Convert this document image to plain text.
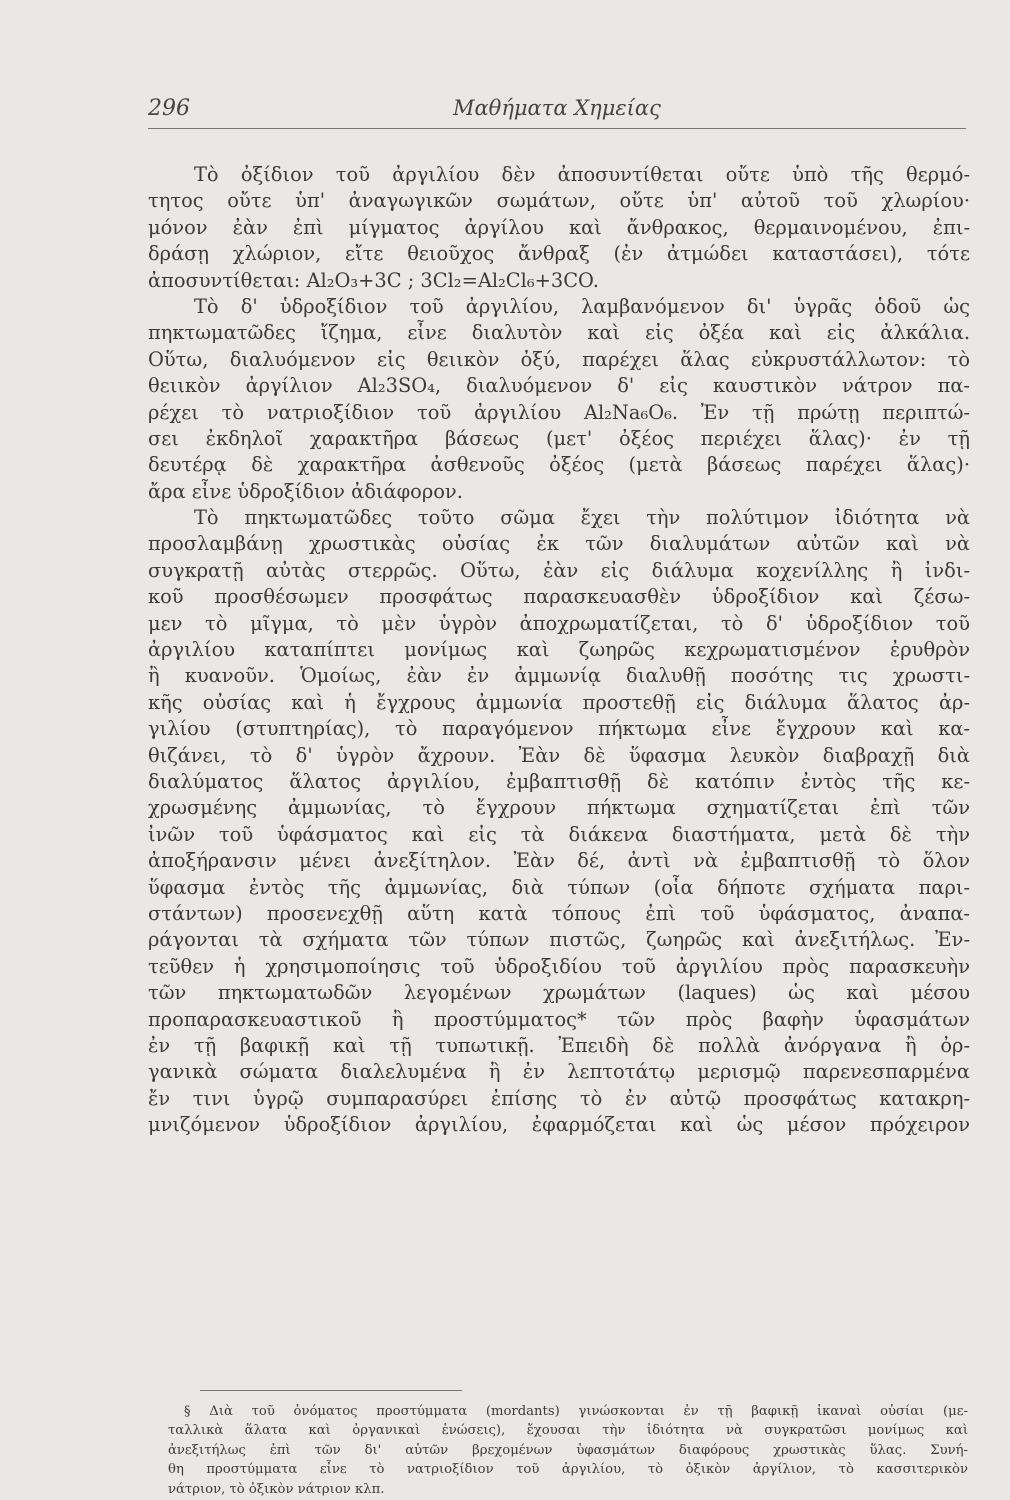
296	Μαθήματα Χημείας
Τὸ ὀξίδιον τοῦ ἀργιλίου δὲν ἀποσυντίθεται οὔτε ὑπὸ τῆς θερμό-
τητος οὔτε ὑπ' ἀναγωγικῶν σωμάτων, οὔτε ὑπ' αὐτοῦ τοῦ χλωρίου·
μόνον ἐὰν ἐπὶ μίγματος ἀργίλου καὶ ἄνθρακος, θερμαινομένου, ἐπι-
δράσῃ χλώριον, εἴτε θειοῦχος ἄνθραξ (ἐν ἀτμώδει καταστάσει), τότε
ἀποσυντίθεται: Al₂O₃+3C ; 3Cl₂=Al₂Cl₆+3CO.
Τὸ δ' ὑδροξίδιον τοῦ ἀργιλίου, λαμβανόμενον δι' ὑγρᾶς ὁδοῦ ὡς
πηκτωματῶδες ἴζημα, εἶνε διαλυτὸν καὶ εἰς ὀξέα καὶ εἰς ἀλκάλια.
Οὕτω, διαλυόμενον εἰς θειικὸν ὀξύ, παρέχει ἅλας εὐκρυστάλλωτον: τὸ
θειικὸν ἀργίλιον Al₂3SO₄, διαλυόμενον δ' εἰς καυστικὸν νάτρον πα-
ρέχει τὸ νατριοξίδιον τοῦ ἀργιλίου Al₂Na₆O₆. Ἐν τῇ πρώτῃ περιπτώ-
σει ἐκδηλοῖ χαρακτῆρα βάσεως (μετ' ὀξέος περιέχει ἅλας)· ἐν τῇ
δευτέρᾳ δὲ χαρακτῆρα ἀσθενοῦς ὀξέος (μετὰ βάσεως παρέχει ἅλας)·
ἄρα εἶνε ὑδροξίδιον ἀδιάφορον.
Τὸ πηκτωματῶδες τοῦτο σῶμα ἔχει τὴν πολύτιμον ἰδιότητα νὰ
προσλαμβάνῃ χρωστικὰς οὐσίας ἐκ τῶν διαλυμάτων αὐτῶν καὶ νὰ
συγκρατῇ αὐτὰς στερρῶς. Οὕτω, ἐὰν εἰς διάλυμα κοχενίλλης ἢ ἰνδι-
κοῦ προσθέσωμεν προσφάτως παρασκευασθὲν ὑδροξίδιον καὶ ζέσω-
μεν τὸ μῖγμα, τὸ μὲν ὑγρὸν ἀποχρωματίζεται, τὸ δ' ὑδροξίδιον τοῦ
ἀργιλίου καταπίπτει μονίμως καὶ ζωηρῶς κεχρωματισμένον ἐρυθρὸν
ἢ κυανοῦν. Ὁμοίως, ἐὰν ἐν ἀμμωνίᾳ διαλυθῇ ποσότης τις χρωστι-
κῆς οὐσίας καὶ ἡ ἔγχρους ἀμμωνία προστεθῇ εἰς διάλυμα ἅλατος ἀρ-
γιλίου (στυπτηρίας), τὸ παραγόμενον πήκτωμα εἶνε ἔγχρουν καὶ κα-
θιζάνει, τὸ δ' ὑγρὸν ἄχρουν. Ἐὰν δὲ ὕφασμα λευκὸν διαβραχῇ διὰ
διαλύματος ἅλατος ἀργιλίου, ἐμβαπτισθῇ δὲ κατόπιν ἐντὸς τῆς κε-
χρωσμένης ἀμμωνίας, τὸ ἔγχρουν πήκτωμα σχηματίζεται ἐπὶ τῶν
ἰνῶν τοῦ ὑφάσματος καὶ εἰς τὰ διάκενα διαστήματα, μετὰ δὲ τὴν
ἀποξήρανσιν μένει ἀνεξίτηλον. Ἐὰν δέ, ἀντὶ νὰ ἐμβαπτισθῇ τὸ ὅλον
ὕφασμα ἐντὸς τῆς ἀμμωνίας, διὰ τύπων (οἷα δήποτε σχήματα παρι-
στάντων) προσενεχθῇ αὕτη κατὰ τόπους ἐπὶ τοῦ ὑφάσματος, ἀναπα-
ράγονται τὰ σχήματα τῶν τύπων πιστῶς, ζωηρῶς καὶ ἀνεξιτήλως. Ἐν-
τεῦθεν ἡ χρησιμοποίησις τοῦ ὑδροξιδίου τοῦ ἀργιλίου πρὸς παρασκευὴν
τῶν πηκτωματωδῶν λεγομένων χρωμάτων (laques) ὡς καὶ μέσου
προπαρασκευαστικοῦ ἢ προστύμματος* τῶν πρὸς βαφὴν ὑφασμάτων
ἐν τῇ βαφικῇ καὶ τῇ τυπωτικῇ. Ἐπειδὴ δὲ πολλὰ ἀνόργανα ἢ ὀρ-
γανικὰ σώματα διαλελυμένα ἢ ἐν λεπτοτάτῳ μερισμῷ παρενεσπαρμένα
ἔν τινι ὑγρῷ συμπαρασύρει ἐπίσης τὸ ἐν αὐτῷ προσφάτως κατακρη-
μνιζόμενον ὑδροξίδιον ἀργιλίου, ἐφαρμόζεται καὶ ὡς μέσον πρόχειρον
§ Διὰ τοῦ ὀνόματος προστύμματα (mordants) γινώσκονται ἐν τῇ βαφικῇ ἱκαναὶ οὐσίαι (με-
ταλλικὰ ἅλατα καὶ ὀργανικαὶ ἑνώσεις), ἔχουσαι τὴν ἰδιότητα νὰ συγκρατῶσι μονίμως καὶ
ἀνεξιτήλως ἐπὶ τῶν δι' αὐτῶν βρεχομένων ὑφασμάτων διαφόρους χρωστικὰς ὕλας. Συνή-
θη προστύμματα εἶνε τὸ νατριοξίδιον τοῦ ἀργιλίου, τὸ ὀξικὸν ἀργίλιον, τὸ κασσιτερικὸν
νάτριον, τὸ ὀξικὸν νάτριον κλπ.
